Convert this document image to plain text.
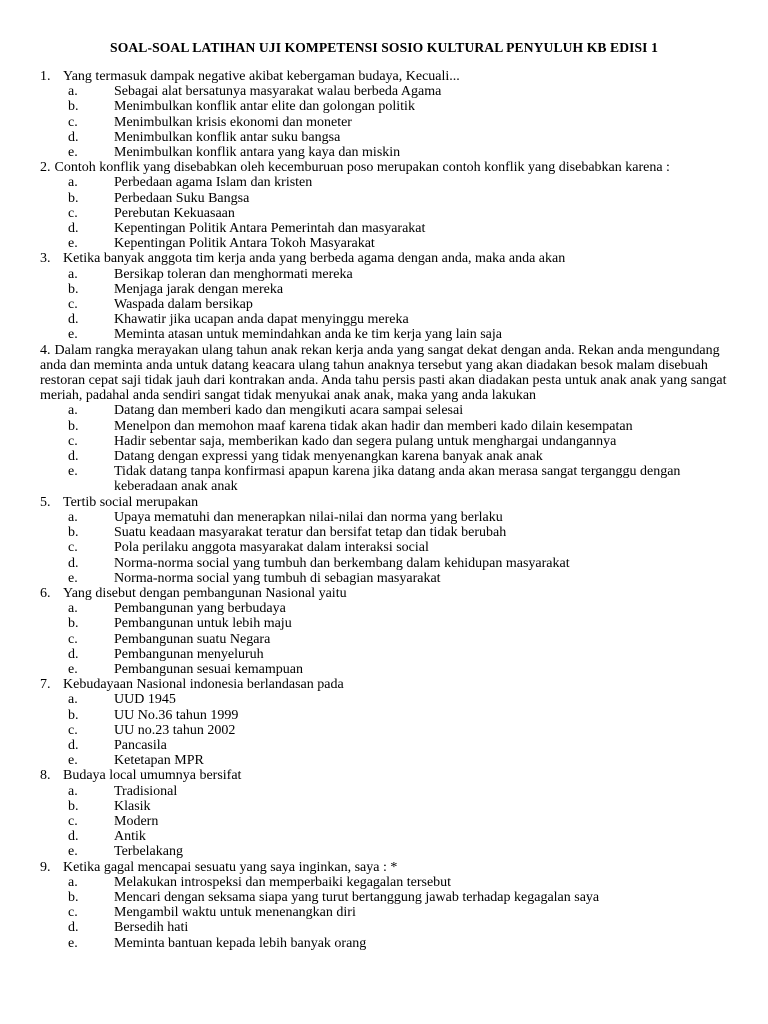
SOAL-SOAL LATIHAN UJI KOMPETENSI SOSIO KULTURAL PENYULUH KB EDISI 1
1. Yang termasuk dampak negative akibat kebergaman budaya, Kecuali...
a.	Sebagai alat bersatunya masyarakat walau berbeda Agama
b.	Menimbulkan konflik antar elite dan golongan politik
c.	Menimbulkan krisis ekonomi dan moneter
d.	Menimbulkan konflik antar suku bangsa
e.	Menimbulkan konflik antara yang kaya dan miskin
2. Contoh konflik yang disebabkan oleh kecemburuan poso merupakan contoh konflik yang disebabkan karena :
a.	Perbedaan agama Islam dan kristen
b.	Perbedaan Suku Bangsa
c.	Perebutan Kekuasaan
d.	Kepentingan Politik Antara Pemerintah dan masyarakat
e.	Kepentingan Politik Antara Tokoh Masyarakat
3. Ketika banyak anggota tim kerja anda yang berbeda agama dengan anda, maka anda akan
a.	Bersikap toleran dan menghormati mereka
b.	Menjaga jarak dengan mereka
c.	Waspada dalam bersikap
d.	Khawatir jika ucapan anda dapat menyinggu mereka
e.	Meminta atasan untuk memindahkan anda ke tim kerja yang lain saja
4. Dalam rangka merayakan ulang tahun anak rekan kerja anda yang sangat dekat dengan anda. Rekan anda mengundang anda dan meminta anda untuk datang keacara ulang tahun anaknya tersebut yang akan diadakan besok malam disebuah restoran cepat saji tidak jauh dari kontrakan anda. Anda tahu persis pasti akan diadakan pesta untuk anak anak yang sangat meriah, padahal anda sendiri sangat tidak menyukai anak anak, maka yang anda lakukan
a.	Datang dan memberi kado dan mengikuti acara sampai selesai
b.	Menelpon dan memohon maaf karena tidak akan hadir dan memberi kado dilain kesempatan
c.	Hadir sebentar saja, memberikan kado dan segera pulang untuk menghargai undangannya
d.	Datang dengan expressi yang tidak menyenangkan karena banyak anak anak
e.	Tidak datang tanpa konfirmasi apapun karena jika datang anda akan merasa sangat terganggu dengan keberadaan anak anak
5. Tertib social merupakan
a.	Upaya mematuhi dan menerapkan nilai-nilai dan norma yang berlaku
b.	Suatu keadaan masyarakat teratur dan bersifat tetap dan tidak berubah
c.	Pola perilaku anggota masyarakat dalam interaksi social
d.	Norma-norma social yang tumbuh dan berkembang dalam kehidupan masyarakat
e.	Norma-norma social yang tumbuh di sebagian masyarakat
6. Yang disebut dengan pembangunan Nasional yaitu
a.	Pembangunan yang berbudaya
b.	Pembangunan untuk lebih maju
c.	Pembangunan suatu Negara
d.	Pembangunan menyeluruh
e.	Pembangunan sesuai kemampuan
7. Kebudayaan Nasional indonesia berlandasan pada
a.	UUD 1945
b.	UU No.36 tahun 1999
c.	UU no.23 tahun 2002
d.	Pancasila
e.	Ketetapan MPR
8. Budaya local umumnya bersifat
a.	Tradisional
b.	Klasik
c.	Modern
d.	Antik
e.	Terbelakang
9. Ketika gagal mencapai sesuatu yang saya inginkan, saya : *
a.	Melakukan introspeksi dan memperbaiki kegagalan tersebut
b.	Mencari dengan seksama siapa yang turut bertanggung jawab terhadap kegagalan saya
c.	Mengambil waktu untuk menenangkan diri
d.	Bersedih hati
e.	Meminta bantuan kepada lebih banyak orang
